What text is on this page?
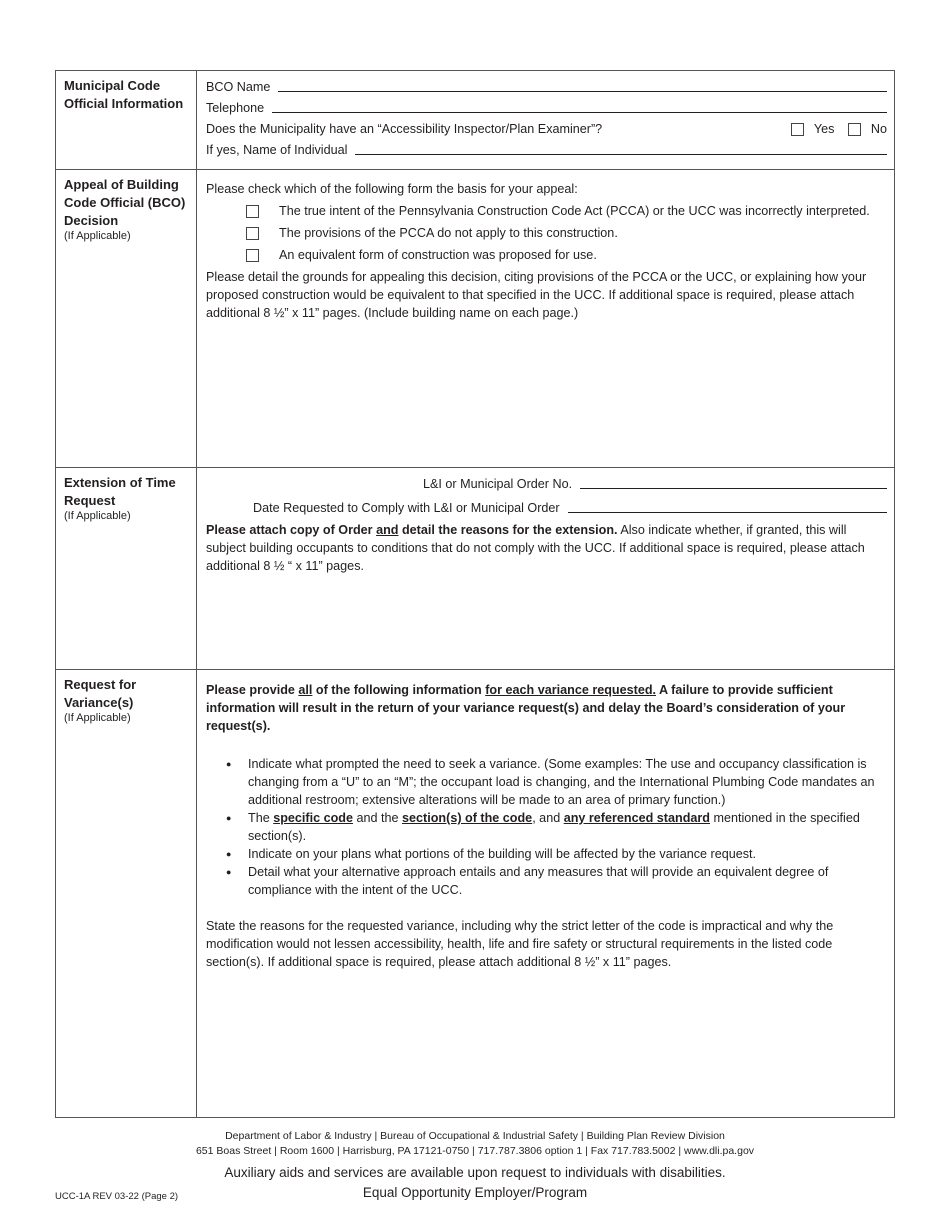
Municipal Code Official Information
BCO Name
Telephone
Does the Municipality have an “Accessibility Inspector/Plan Examiner”?	Yes	No
If yes, Name of Individual
Appeal of Building Code Official (BCO) Decision
(If Applicable)

Please check which of the following form the basis for your appeal:

The true intent of the Pennsylvania Construction Code Act (PCCA) or the UCC was incorrectly interpreted.
The provisions of the PCCA do not apply to this construction.
An equivalent form of construction was proposed for use.

Please detail the grounds for appealing this decision, citing provisions of the PCCA or the UCC, or explaining how your proposed construction would be equivalent to that specified in the UCC. If additional space is required, please attach additional 8 ½” x 11” pages. (Include building name on each page.)

Extension of Time Request
(If Applicable)
L&I or Municipal Order No.
Date Requested to Comply with L&I or Municipal Order

Please attach copy of Order and detail the reasons for the extension. Also indicate whether, if granted, this will subject building occupants to conditions that do not comply with the UCC. If additional space is required, please attach additional 8 ½ “ x 11” pages.

Request for Variance(s)
(If Applicable)

Please provide all of the following information for each variance requested. A failure to provide sufficient information will result in the return of your variance request(s) and delay the Board’s consideration of your request(s).

● Indicate what prompted the need to seek a variance. (Some examples: The use and occupancy classification is changing from a “U” to an “M”; the occupant load is changing, and the International Plumbing Code mandates an additional restroom; extensive alterations will be made to an area of primary function.)
● The specific code and the section(s) of the code, and any referenced standard mentioned in the specified section(s).
● Indicate on your plans what portions of the building will be affected by the variance request.
● Detail what your alternative approach entails and any measures that will provide an equivalent degree of compliance with the intent of the UCC.

State the reasons for the requested variance, including why the strict letter of the code is impractical and why the modification would not lessen accessibility, health, life and fire safety or structural requirements in the listed code section(s). If additional space is required, please attach additional 8 ½” x 11” pages.

Department of Labor & Industry | Bureau of Occupational & Industrial Safety | Building Plan Review Division
651 Boas Street | Room 1600 | Harrisburg, PA 17121-0750 | 717.787.3806 option 1 | Fax 717.783.5002 | www.dli.pa.gov
Auxiliary aids and services are available upon request to individuals with disabilities.
Equal Opportunity Employer/Program
UCC-1A REV 03-22 (Page 2)
